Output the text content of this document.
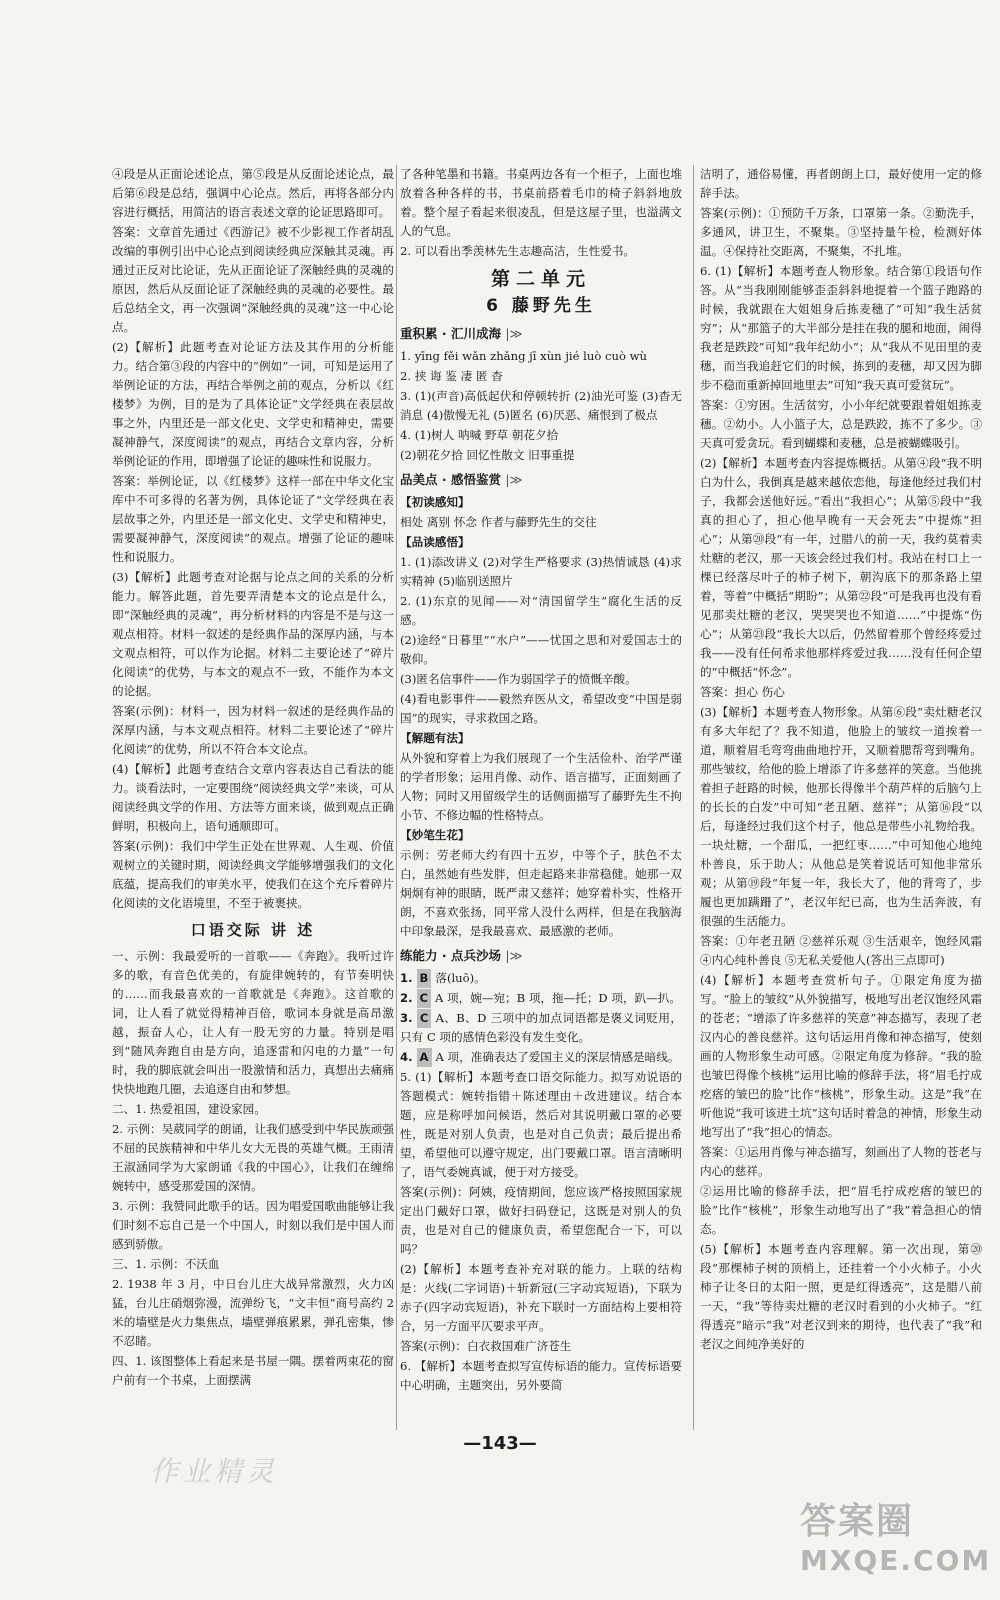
④段是从正面论述论点，第⑤段是从反面论述论点，最后第⑥段是总结，强调中心论点。然后，再将各部分内容进行概括，用简洁的语言表述文章的论证思路即可。

答案：文章首先通过《西游记》被不少影视工作者胡乱改编的事例引出中心论点到阅读经典应深触其灵魂。再通过正反对比论证，先从正面论证了深触经典的灵魂的原因，然后从反面论证了深触经典的灵魂的必要性。最后总结全文，再一次强调“深触经典的灵魂”这一中心论点。

(2)【解析】此题考查对论证方法及其作用的分析能力。结合第③段的内容中的“例如”一词，可知是运用了举例论证的方法，再结合举例之前的观点，分析以《红楼梦》为例，目的是为了具体论证“文学经典在表层故事之外，内里还是一部文化史、文学史和精神史，需要凝神静气，深度阅读”的观点，再结合文章内容，分析举例论证的作用，即增强了论证的趣味性和说服力。

答案：举例论证，以《红楼梦》这样一部在中华文化宝库中不可多得的名著为例，具体论证了“文学经典在表层故事之外，内里还是一部文化史、文学史和精神史，需要凝神静气，深度阅读”的观点。增强了论证的趣味性和说服力。

(3)【解析】此题考查对论据与论点之间的关系的分析能力。解答此题，首先要弄清楚本文的论点是什么，即“深触经典的灵魂”，再分析材料的内容是不是与这一观点相符。材料一叙述的是经典作品的深厚内涵，与本文观点相符，可以作为论据。材料二主要论述了“碎片化阅读”的优势，与本文的观点不一致，不能作为本文的论据。

答案(示例)：材料一，因为材料一叙述的是经典作品的深厚内涵，与本文观点相符。材料二主要论述了“碎片化阅读”的优势，所以不符合本文论点。

(4)【解析】此题考查结合文章内容表达自己看法的能力。谈看法时，一定要围绕“阅读经典文学”来谈，可从阅读经典文学的作用、方法等方面来谈，做到观点正确鲜明，积极向上，语句通顺即可。

答案(示例)：我们中学生正处在世界观、人生观、价值观树立的关键时期，阅读经典文学能够增强我们的文化底蕴，提高我们的审美水平，使我们在这个充斥着碎片化阅读的文化语境里，不至于被裹挟。

口语交际 讲 述

一、示例：我最爱听的一首歌——《奔跑》。我听过许多的歌，有音色优美的，有旋律婉转的，有节奏明快的……而我最喜欢的一首歌就是《奔跑》。这首歌的词，让人看了就觉得精神百倍，歌词本身就是高昂激越，振奋人心，让人有一股无穷的力量。特别是唱到“随风奔跑自由是方向，追逐雷和闪电的力量”一句时，我的脚底就会叫出一股激情和活力，真想出去痛痛快快地跑几圈，去追逐自由和梦想。

二、1. 热爱祖国，建设家园。

2. 示例：吴葳同学的朗诵，让我们感受到中华民族顽强不屈的民族精神和中华儿女大无畏的英雄气概。王雨清王淑涵同学为大家朗诵《我的中国心》，让我们在缠绵婉转中，感受那爱国的深情。

3. 示例：我赞同此歌手的话。因为唱爱国歌曲能够让我们时刻不忘自己是一个中国人，时刻以我们是中国人而感到骄傲。

三、1. 示例：不沃血

2. 1938 年 3 月，中日台儿庄大战异常激烈，火力凶猛，台儿庄硝烟弥漫，流弹纷飞，“文丰恒”商号高约 2 米的墙壁是火力集焦点，墙壁弹痕累累，弹孔密集，惨不忍睹。

四、1. 该图整体上看起来是书屋一隅。摆着两束花的窗户前有一个书桌，上面摆满

了各种笔墨和书籍。书桌两边各有一个柜子，上面也堆放着各种各样的书，书桌前搭着毛巾的椅子斜斜地放着。整个屋子看起来很凌乱，但是这屋子里，也溢满文人的气息。

2. 可以看出季羡林先生志趣高洁，生性爱书。

第二单元
6 藤野先生
重积累 · 汇川成海 |≫

1. yīng fěi wǎn zhǎng jī xùn jié luò cuò wù

2. 挟 诲 鉴 凄 匿 杳

3. (1)(声音)高低起伏和停顿转折 (2)油光可鉴 (3)杳无消息 (4)傲慢无礼 (5)匿名 (6)厌恶、痛恨到了极点

4. (1)树人 呐喊 野草 朝花夕拾

(2)朝花夕拾 回忆性散文 旧事重提

品美点 · 感悟鉴赏 |≫

【初读感知】

相处 离别 怀念 作者与藤野先生的交往

【品读感悟】

1. (1)添改讲义 (2)对学生严格要求 (3)热情诚恳 (4)求实精神 (5)临别送照片

2. (1)东京的见闻——对“清国留学生”腐化生活的反感。

(2)途经“日暮里”“水户”——忧国之思和对爱国志士的敬仰。

(3)匿名信事件——作为弱国学子的愤慨辛酸。

(4)看电影事件——毅然弃医从文，希望改变“中国是弱国”的现实，寻求救国之路。

【解题有法】

从外貌和穿着上为我们展现了一个生活俭朴、治学严谨的学者形象；运用肖像、动作、语言描写，正面刻画了人物；同时又用留级学生的话侧面描写了藤野先生不拘小节、不修边幅的性格特点。

【妙笔生花】

示例：劳老师大约有四十五岁，中等个子，肤色不太白，虽然她有些发胖，但走起路来非常稳健。她那一双炯炯有神的眼睛，既严肃又慈祥；她穿着朴实，性格开朗，不喜欢张扬，同平常人没什么两样，但是在我脑海中印象最深，是我最喜欢、最感激的老师。

练能力 · 点兵沙场 |≫

1. B 落(luō)。

2. C A 项，婉—宛；B 项，拖—托；D 项，趴—扒。

3. C A、B、D 三项中的加点词语都是褒义词贬用，只有 C 项的感情色彩没有发生变化。

4. A A 项，准确表达了爱国主义的深层情感是暗线。

5. (1)【解析】本题考查口语交际能力。拟写劝说语的答题模式：婉转指错＋陈述理由＋改进建议。结合本题，应是称呼加问候语，然后对其说明戴口罩的必要性，既是对别人负责，也是对自己负责；最后提出希望，希望他可以遵守规定，出门要戴口罩。语言清晰明了，语气委婉真诚，便于对方接受。

答案(示例)：阿姨，疫情期间，您应该严格按照国家规定出门戴好口罩，做好扫码登记，这既是对别人的负责，也是对自己的健康负责，希望您配合一下，可以吗？

(2)【解析】本题考查补充对联的能力。上联的结构是：火线(二字词语)＋斩新冠(三字动宾短语)，下联为赤子(四字动宾短语)，补充下联时一方面结构上要相符合，另一方面平仄要求平声。

答案(示例)：白衣救国难广济苍生

6. 【解析】本题考查拟写宣传标语的能力。宣传标语要中心明确，主题突出，另外要简

洁明了，通俗易懂，再者朗朗上口，最好使用一定的修辞手法。

答案(示例)：①预防千万条，口罩第一条。②勤洗手，多通风，讲卫生，不聚集。③坚持量午检，检测好体温。④保持社交距离，不聚集，不扎堆。

6. (1)【解析】本题考查人物形象。结合第①段语句作答。从“当我刚刚能够歪歪斜斜地提着一个篮子跑路的时候，我就跟在大姐姐身后拣麦穗了”可知“我生活贫穷”；从“那篮子的大半部分是挂在我的腿和地面，闹得我老是跌跤”可知“我年纪幼小”；从“我从不见田里的麦穗，而当我追赶它们的时候，拣到的麦穗，却又因为脚步不稳而重新掉回地里去”可知“我天真可爱贫玩”。

答案：①穷困。生活贫穷，小小年纪就要跟着姐姐拣麦穗。②幼小。人小篮子大，总是跌跤，拣不了多少。③天真可爱贪玩。看到蝴蝶和麦穗，总是被蝴蝶吸引。

(2)【解析】本题考查内容提炼概括。从第④段“我不明白为什么，我倒真是越来越依恋他，每逢他经过我们村子，我都会送他好远。”看出“我担心”；从第⑤段中“我真的担心了，担心他早晚有一天会死去”中提炼“担心”；从第⑳段“有一年，过腊八的前一天，我约莫着卖灶糖的老汉，那一天该会经过我们村。我站在村口上一棵已经落尽叶子的柿子树下，朝沟底下的那条路上望着，等着”中概括“期盼”；从第㉒段“可是我再也没有看见那卖灶糖的老汉，哭哭哭也不知道……”中提炼“伤心”；从第㉓段“我长大以后，仍然留着那个曾经疼爱过我——没有任何希求他那样疼爱过我……没有任何企望的”中概括“怀念”。

答案：担心 伤心

(3)【解析】本题考查人物形象。从第⑥段“卖灶糖老汉有多大年纪了？我不知道，他脸上的皱纹一道挨着一道，顺着眉毛弯弯曲曲地拧开，又顺着腮帮弯到嘴角。那些皱纹，给他的脸上增添了许多慈祥的笑意。当他挑着担子赶路的时候，他那长得像半个葫芦样的后脑勺上的长长的白发”中可知“老丑陋、慈祥”；从第⑯段“以后，每逢经过我们这个村子，他总是带些小礼物给我。一块灶糖，一个甜瓜，一把红枣……”中可知他心地纯朴善良，乐于助人；从他总是笑着说话可知他非常乐观；从第⑲段“年复一年，我长大了，他的背弯了，步履也更加蹒跚了”，老汉年纪已高，也为生活奔波，有很强的生活能力。

答案：①年老丑陋 ②慈祥乐观 ③生活艰辛，饱经风霜 ④内心纯朴善良 ⑤无私关爱他人(答出三点即可)

(4)【解析】本题考查赏析句子。①限定角度为描写。“脸上的皱纹”从外貌描写，极地写出老汉饱经风霜的苍老；“增添了许多慈祥的笑意”神态描写，表现了老汉内心的善良慈祥。这句话运用肖像和神态描写，使刻画的人物形象生动可感。②限定角度为修辞。“我的脸也皱巴得像个核桃”运用比喻的修辞手法，将“眉毛拧成疙瘩的皱巴的脸”比作“核桃”，形象生动。这是“我”在听他说“我可该进土坑”这句话时着急的神情，形象生动地写出了“我”担心的情态。

答案：①运用肖像与神态描写，刻画出了人物的苍老与内心的慈祥。

②运用比喻的修辞手法，把“眉毛拧成疙瘩的皱巴的脸”比作“核桃”，形象生动地写出了“我”着急担心的情态。

(5)【解析】本题考查内容理解。第一次出现，第⑳段“那棵柿子树的顶梢上，还挂着一个小火柿子。小火柿子让冬日的太阳一照，更是红得透亮”，这是腊八前一天，“我”等待卖灶糖的老汉时看到的小火柿子。“红得透亮”暗示“我”对老汉到来的期待，也代表了“我”和老汉之间纯净美好的

—143—
作业精灵
答案圈
MXQE.COM
